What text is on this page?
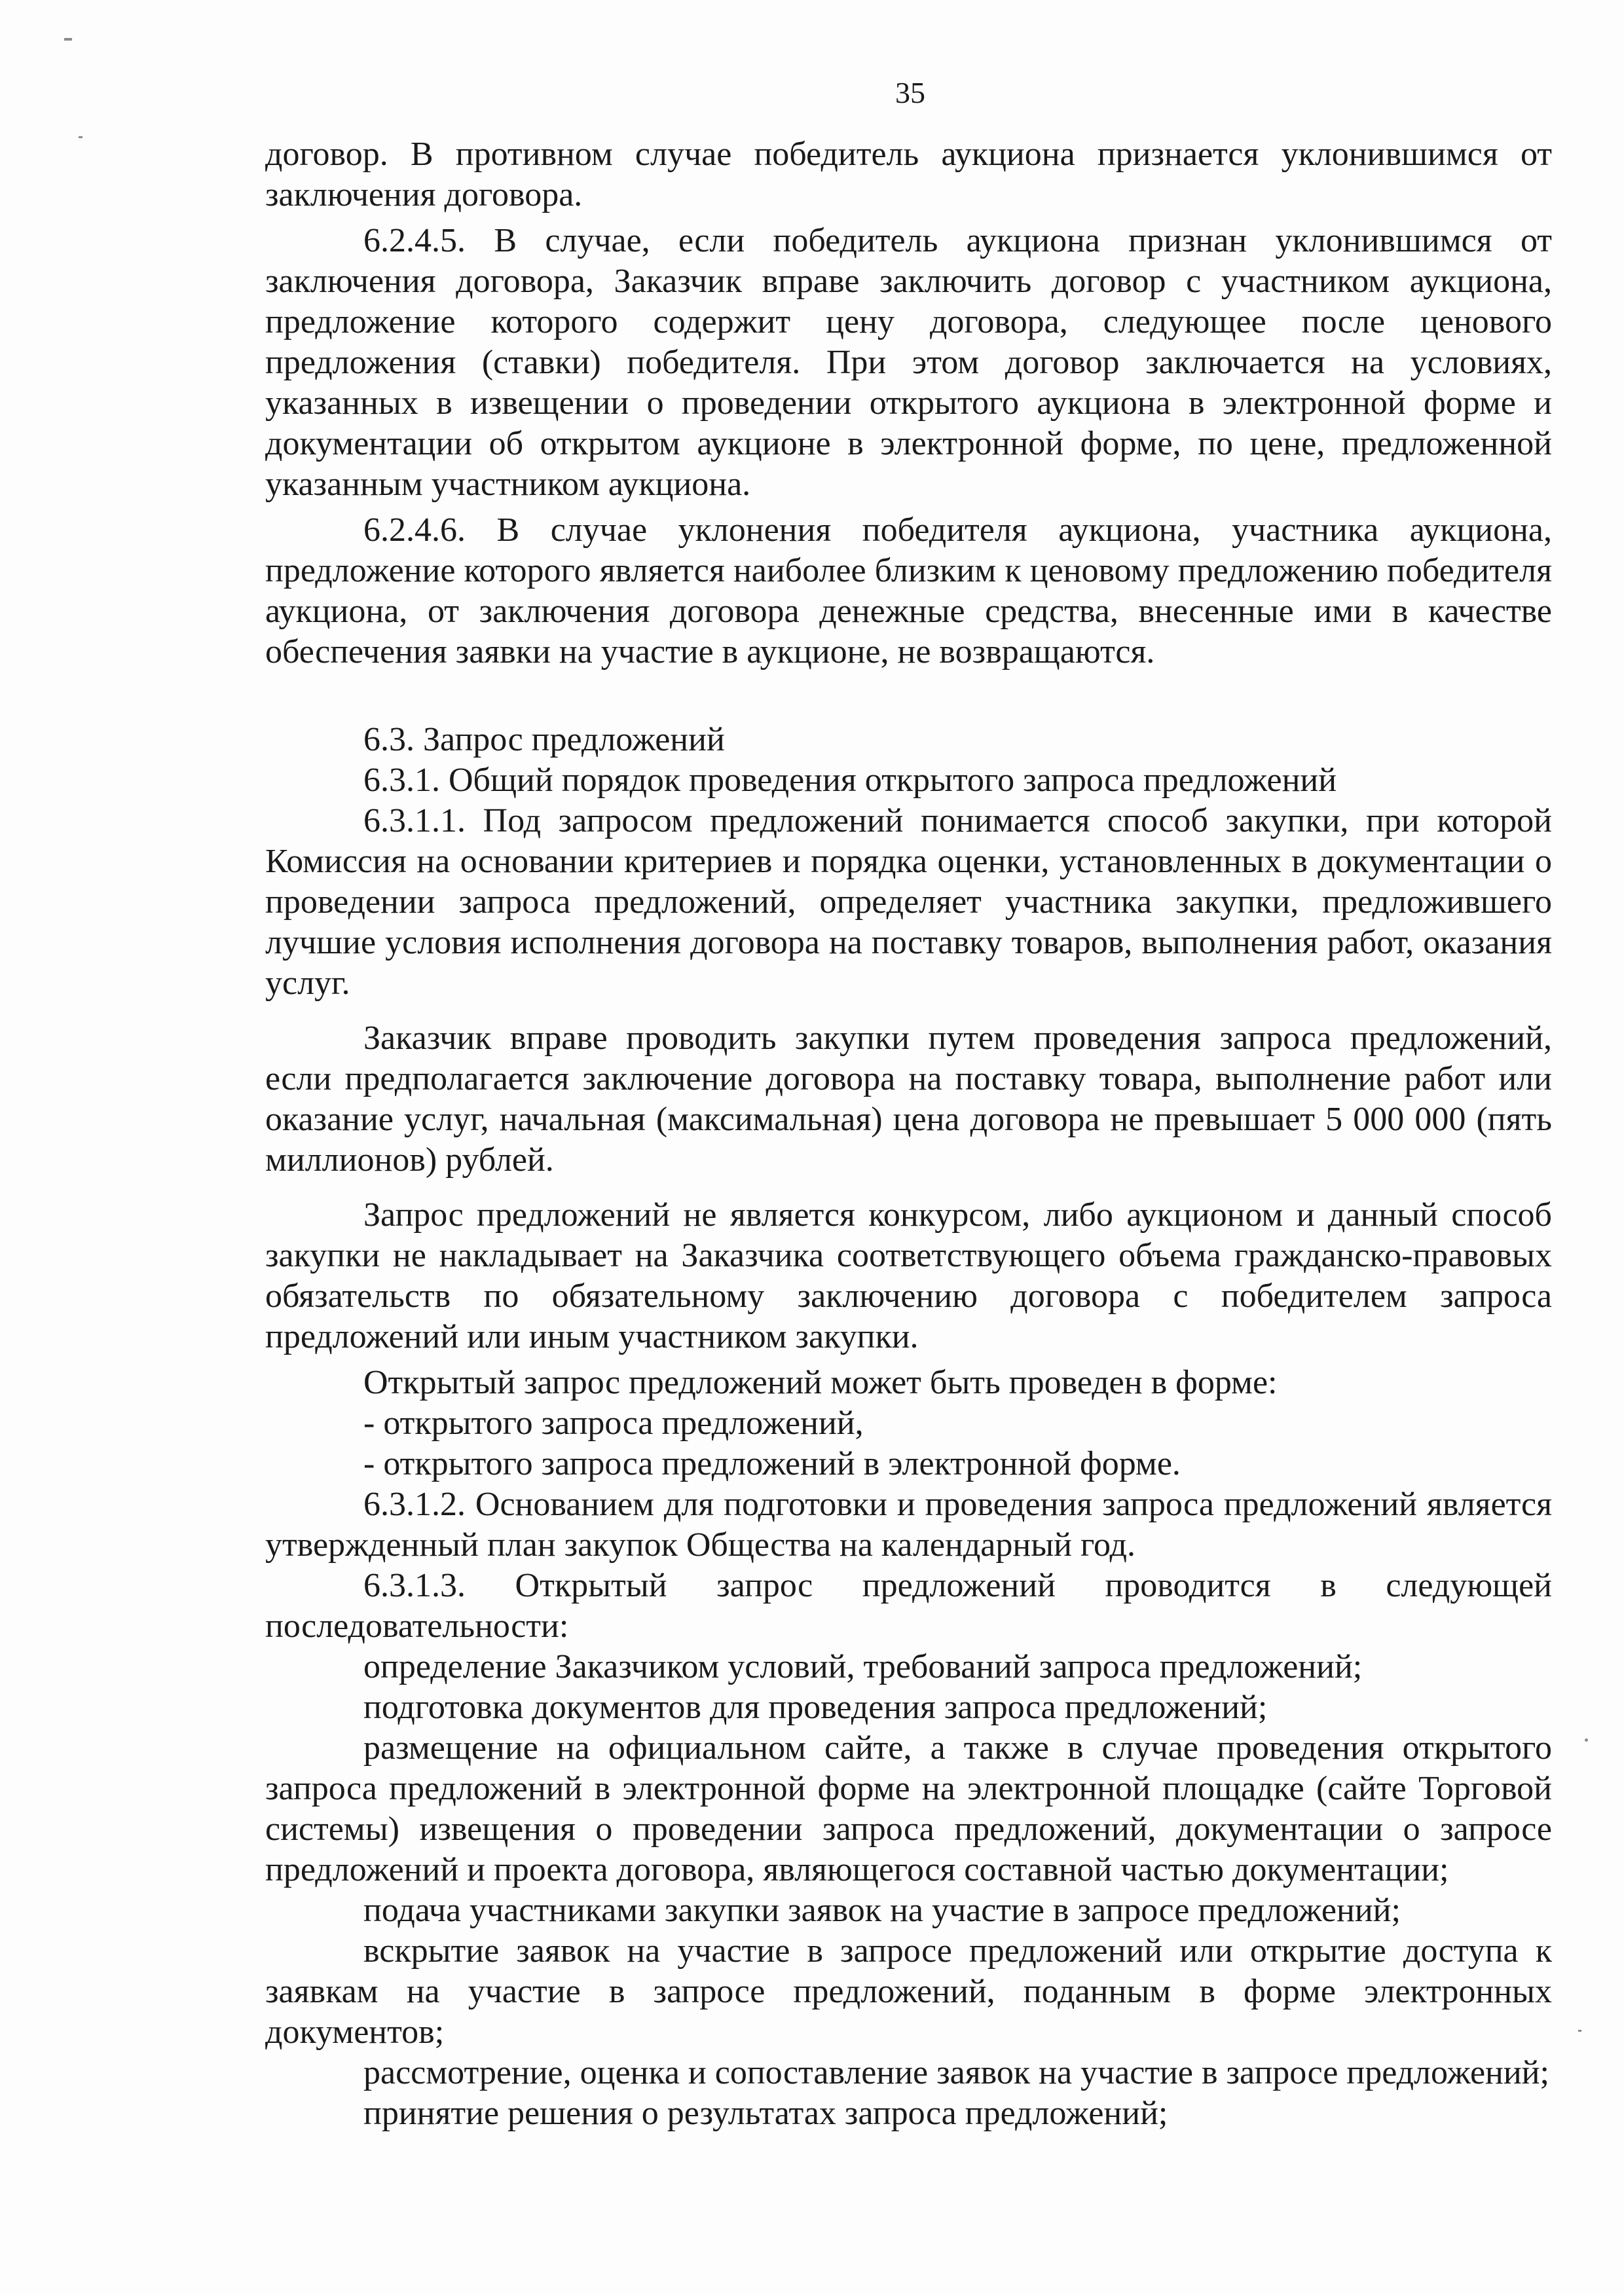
35

договор. В противном случае победитель аукциона признается уклонившимся от заключения договора.

6.2.4.5. В случае, если победитель аукциона признан уклонившимся от заключения договора, Заказчик вправе заключить договор с участником аукциона, предложение которого содержит цену договора, следующее после ценового предложения (ставки) победителя. При этом договор заключается на условиях, указанных в извещении о проведении открытого аукциона в электронной форме и документации об открытом аукционе в электронной форме, по цене, предложенной указанным участником аукциона.

6.2.4.6. В случае уклонения победителя аукциона, участника аукциона, предложение которого является наиболее близким к ценовому предложению победителя аукциона, от заключения договора денежные средства, внесенные ими в качестве обеспечения заявки на участие в аукционе, не возвращаются.

6.3. Запрос предложений

6.3.1. Общий порядок проведения открытого запроса предложений

6.3.1.1. Под запросом предложений понимается способ закупки, при которой Комиссия на основании критериев и порядка оценки, установленных в документации о проведении запроса предложений, определяет участника закупки, предложившего лучшие условия исполнения договора на поставку товаров, выполнения работ, оказания услуг.

Заказчик вправе проводить закупки путем проведения запроса предложений, если предполагается заключение договора на поставку товара, выполнение работ или оказание услуг, начальная (максимальная) цена договора не превышает 5 000 000 (пять миллионов) рублей.

Запрос предложений не является конкурсом, либо аукционом и данный способ закупки не накладывает на Заказчика соответствующего объема гражданско-правовых обязательств по обязательному заключению договора с победителем запроса предложений или иным участником закупки.

Открытый запрос предложений может быть проведен в форме:

- открытого запроса предложений,

- открытого запроса предложений в электронной форме.

6.3.1.2. Основанием для подготовки и проведения запроса предложений является утвержденный план закупок Общества на календарный год.

6.3.1.3. Открытый запрос предложений проводится в следующей последовательности:

определение Заказчиком условий, требований запроса предложений;

подготовка документов для проведения запроса предложений;

размещение на официальном сайте, а также в случае проведения открытого запроса предложений в электронной форме на электронной площадке (сайте Торговой системы) извещения о проведении запроса предложений, документации о запросе предложений и проекта договора, являющегося составной частью документации;

подача участниками закупки заявок на участие в запросе предложений;

вскрытие заявок на участие в запросе предложений или открытие доступа к заявкам на участие в запросе предложений, поданным в форме электронных документов;

рассмотрение, оценка и сопоставление заявок на участие в запросе предложений;

принятие решения о результатах запроса предложений;
